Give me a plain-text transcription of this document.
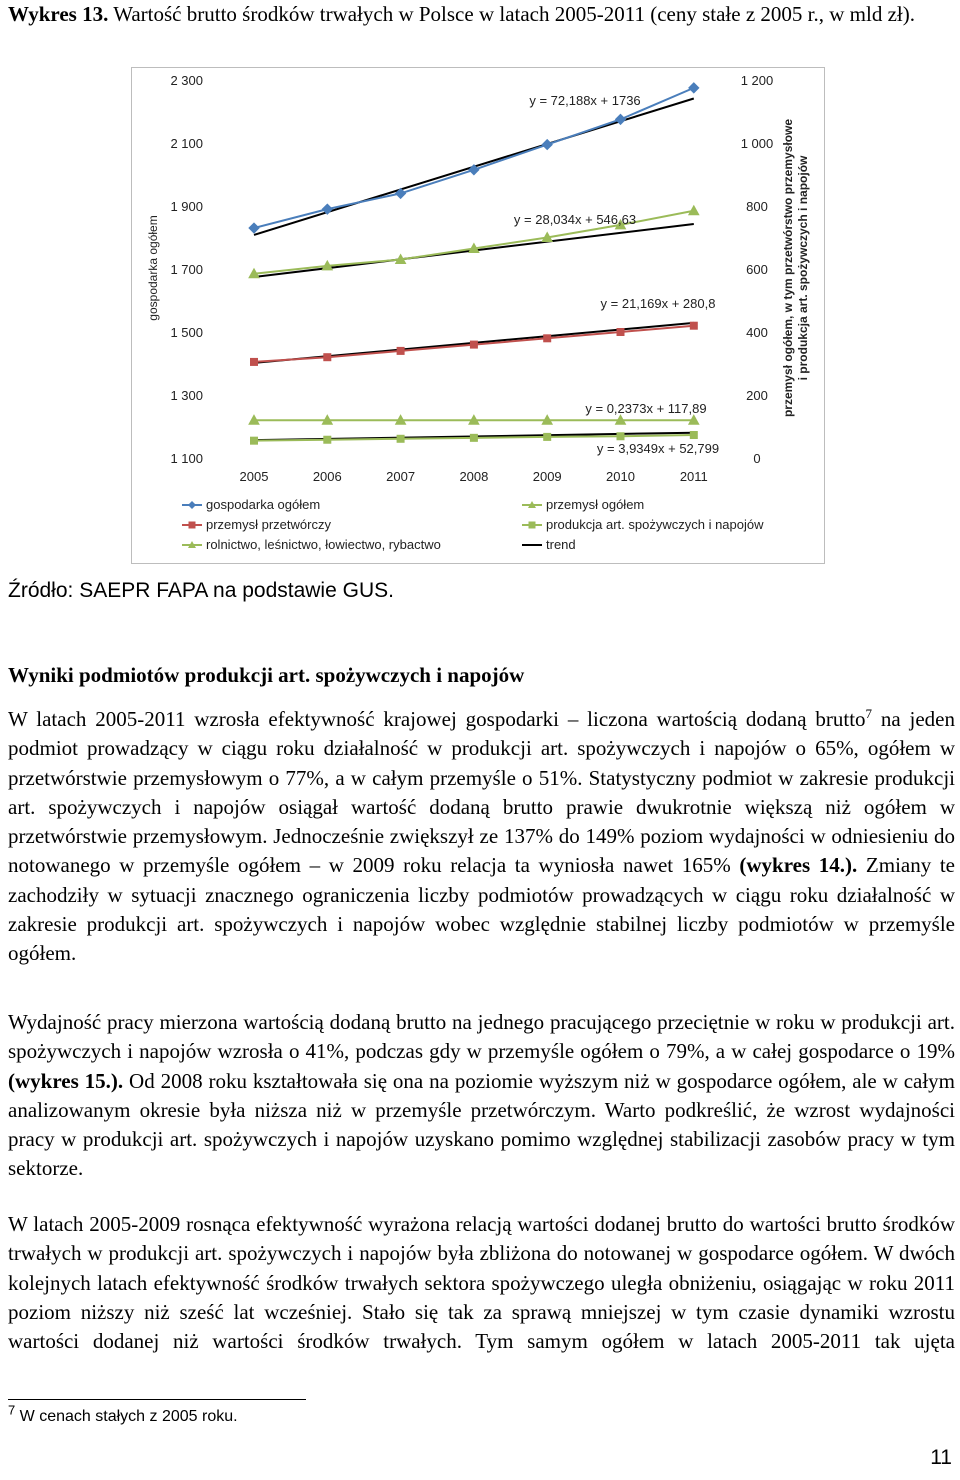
Wykres 13. Wartość brutto środków trwałych w Polsce w latach 2005-2011 (ceny stałe z 2005 r., w mld zł).
1 100
1 300
1 500
1 700
1 900
2 100
2 300
0
200
400
600
800
1 000
1 200
2005	2006	2007	2008	2009	2010	2011
gospodarka ogółem	przemysł ogółem, w tym przetwórstwo przemysłowe i produkcja art. spożywczych i napojów
y = 72,188x + 1736
y = 28,034x + 546,63
y = 21,169x + 280,8
y = 0,2373x + 117,89
y = 3,9349x + 52,799
gospodarka ogółem	przemysł ogółem
przemysł przetwórczy	produkcja art. spożywczych i napojów
rolnictwo, leśnictwo, łowiectwo, rybactwo	trend
Źródło: SAEPR FAPA na podstawie GUS.
Wyniki podmiotów produkcji art. spożywczych i napojów
W latach 2005-2011 wzrosła efektywność krajowej gospodarki – liczona wartością dodaną brutto$^7$ na jeden podmiot prowadzący w ciągu roku działalność w produkcji art. spożywczych i napojów o 65%, ogółem w przetwórstwie przemysłowym o 77%, a w całym przemyśle o 51%. Statystyczny podmiot w zakresie produkcji art. spożywczych i napojów osiągał wartość dodaną brutto prawie dwukrotnie większą niż ogółem w przetwórstwie przemysłowym. Jednocześnie zwiększył ze 137% do 149% poziom wydajności w odniesieniu do notowanego w przemyśle ogółem – w 2009 roku relacja ta wyniosła nawet 165% (wykres 14.). Zmiany te zachodziły w sytuacji znacznego ograniczenia liczby podmiotów prowadzących w ciągu roku działalność w zakresie produkcji art. spożywczych i napojów wobec względnie stabilnej liczby podmiotów w przemyśle ogółem.
Wydajność pracy mierzona wartością dodaną brutto na jednego pracującego przeciętnie w roku w produkcji art. spożywczych i napojów wzrosła o 41%, podczas gdy w przemyśle ogółem o 79%, a w całej gospodarce o 19% (wykres 15.). Od 2008 roku kształtowała się ona na poziomie wyższym niż w gospodarce ogółem, ale w całym analizowanym okresie była niższa niż w przemyśle przetwórczym. Warto podkreślić, że wzrost wydajności pracy w produkcji art. spożywczych i napojów uzyskano pomimo względnej stabilizacji zasobów pracy w tym sektorze.
W latach 2005-2009 rosnąca efektywność wyrażona relacją wartości dodanej brutto do wartości brutto środków trwałych w produkcji art. spożywczych i napojów była zbliżona do notowanej w gospodarce ogółem. W dwóch kolejnych latach efektywność środków trwałych sektora spożywczego uległa obniżeniu, osiągając w roku 2011 poziom niższy niż sześć lat wcześniej. Stało się tak za sprawą mniejszej w tym czasie dynamiki wzrostu wartości dodanej niż wartości środków trwałych. Tym samym ogółem w latach 2005-2011 tak ujęta
$^7$ W cenach stałych z 2005 roku.
11
